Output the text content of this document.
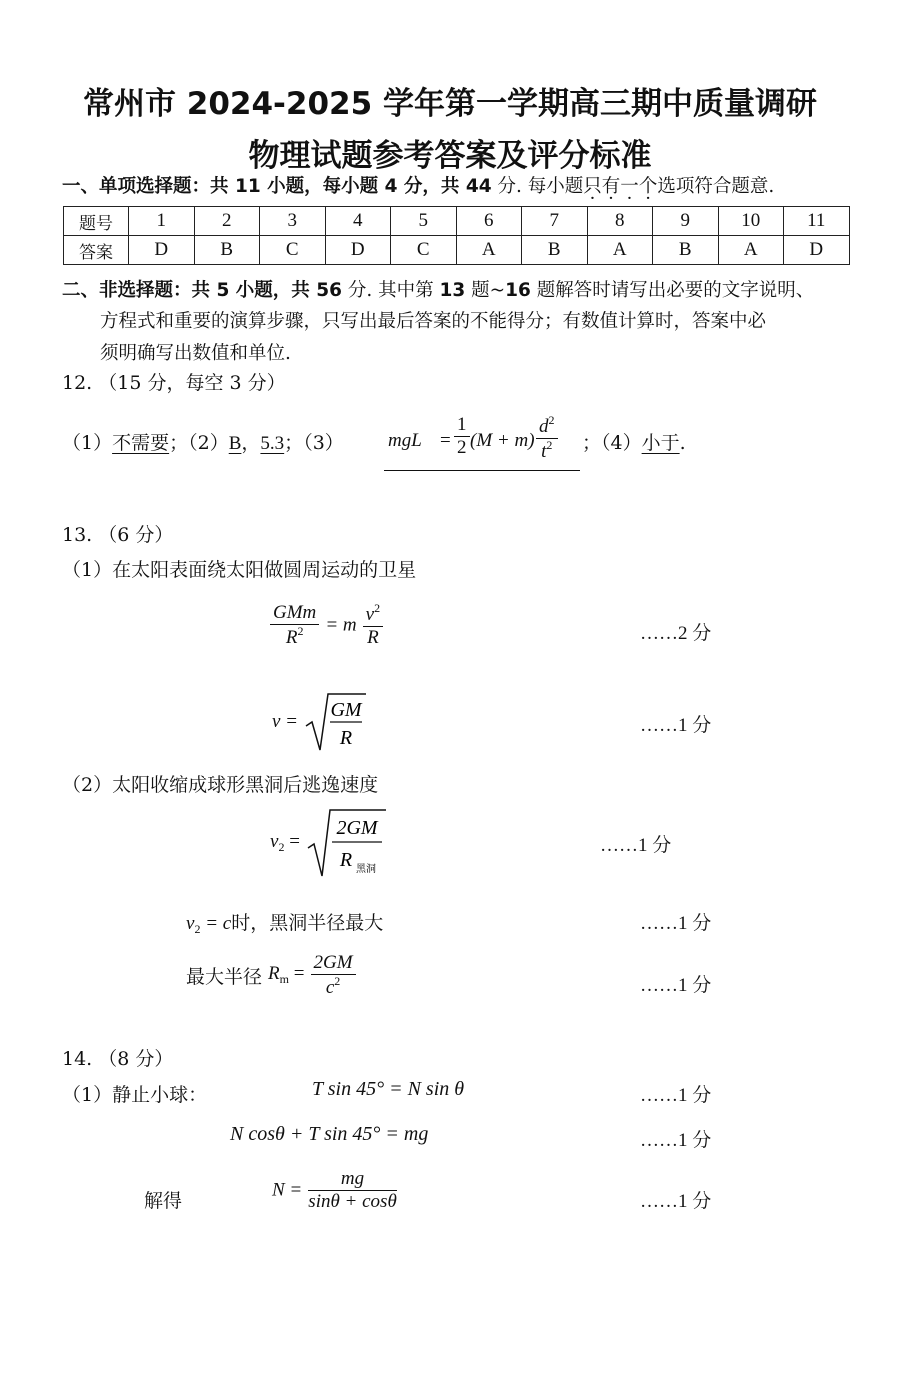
常州市 2024-2025 学年第一学期高三期中质量调研
物理试题参考答案及评分标准
一、单项选择题：共 11 小题，每小题 4 分，共 44 分. 每小题只有一个选项符合题意.
题号	1	2	3	4	5	6	7	8	9	10	11
答案	D	B	C	D	C	A	B	A	B	A	D
二、非选择题：共 5 小题，共 56 分. 其中第 13 题~16 题解答时请写出必要的文字说明、
方程式和重要的演算步骤，只写出最后答案的不能得分；有数值计算时，答案中必
须明确写出数值和单位.
12. （15 分，每空 3 分）
（1）不需要；（2）B，5.3；（3） mgL = $\frac{1}{2} (M + m) \frac{d^2}{t^2}$ ；（4）小于.
13. （6 分）
（1）在太阳表面绕太阳做圆周运动的卫星
$\frac{\text{GMm}}{R^2} = m \frac{v^2}{R}$	……2 分
v =
GM
R
……1 分
（2）太阳收缩成球形黑洞后逃逸速度
$v_2$ =
2GM
R 黑洞
……1 分
$v_2 = c$时，黑洞半径最大	……1 分
最大半径 $R_m = \frac{2GM}{c^2}$	……1 分
14. （8 分）
（1）静止小球：	T sin 45° = N sin θ	……1 分
N cosθ + T sin 45° = mg	……1 分
解得
$N = \frac{mg}{\sin\theta + \cos\theta}$	……1 分
